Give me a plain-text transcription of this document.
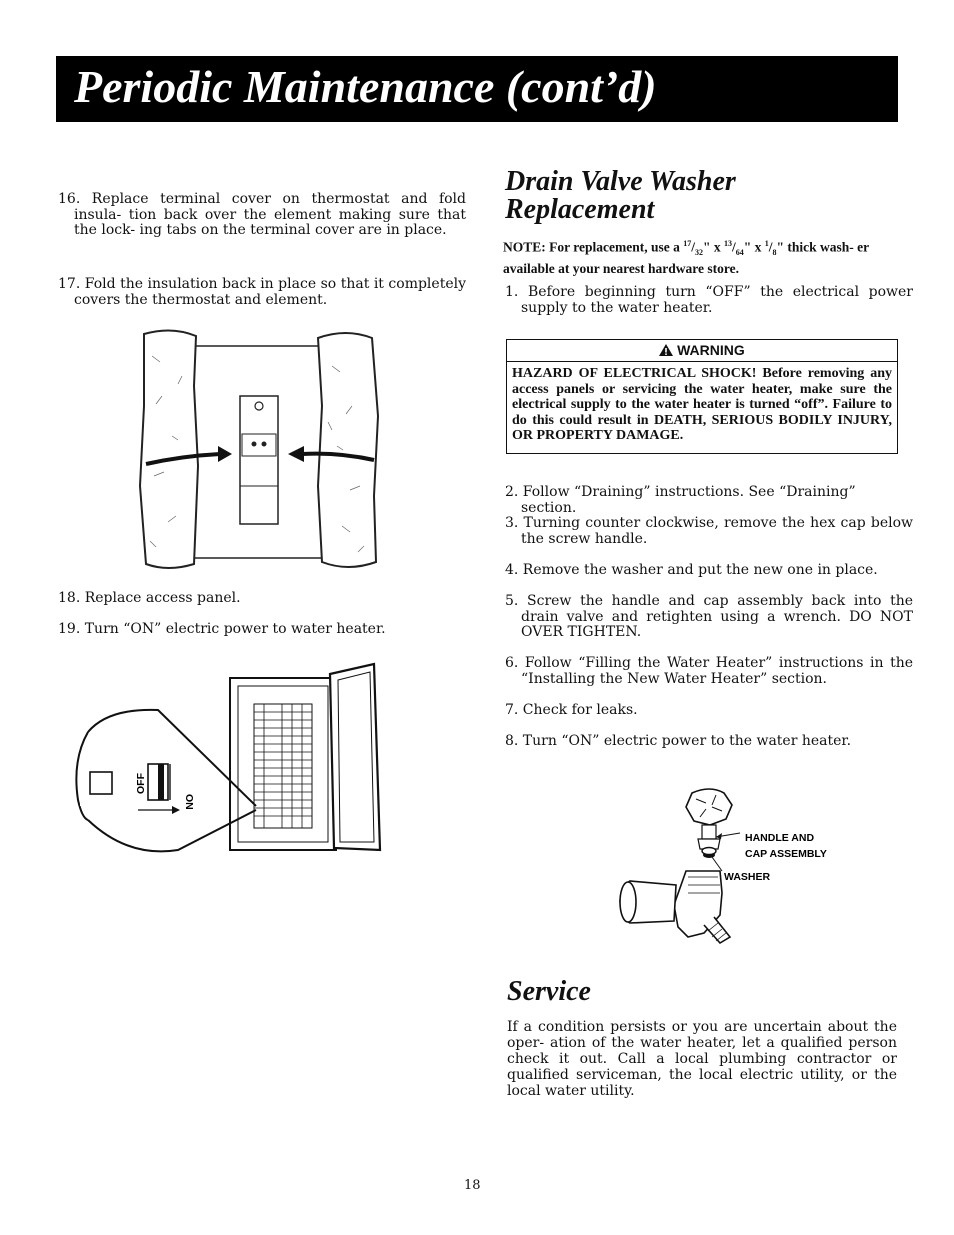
Periodic Maintenance (cont’d)

16. Replace terminal cover on thermostat and fold insula- tion back over the element making sure that the lock- ing tabs on the terminal cover are in place.

17. Fold the insulation back in place so that it completely covers the thermostat and element.

18. Replace access panel.

19. Turn “ON” electric power to water heater.

OFF
ON
Drain Valve Washer
Replacement

NOTE: For replacement, use a $^{17}/_{32}$" x $^{13}/_{64}$" x $^1/_8$" thick wash- er available at your nearest hardware store.

1. Before beginning turn “OFF” the electrical power supply to the water heater.

WARNING
HAZARD OF ELECTRICAL SHOCK! Before removing any access panels or servicing the water heater, make sure the electrical supply to the water heater is turned “off”. Failure to do this could result in DEATH, SERIOUS BODILY INJURY, OR PROPERTY DAMAGE.

2. Follow “Draining” instructions. See “Draining” section.

3. Turning counter clockwise, remove the hex cap below the screw handle.

4. Remove the washer and put the new one in place.

5. Screw the handle and cap assembly back into the drain valve and retighten using a wrench. DO NOT OVER TIGHTEN.

6. Follow “Filling the Water Heater” instructions in the “Installing the New Water Heater” section.

7. Check for leaks.

8. Turn “ON” electric power to the water heater.

HANDLE AND
CAP ASSEMBLY
WASHER
Service

If a condition persists or you are uncertain about the oper- ation of the water heater, let a qualified person check it out. Call a local plumbing contractor or qualified serviceman, the local electric utility, or the local water utility.

18
